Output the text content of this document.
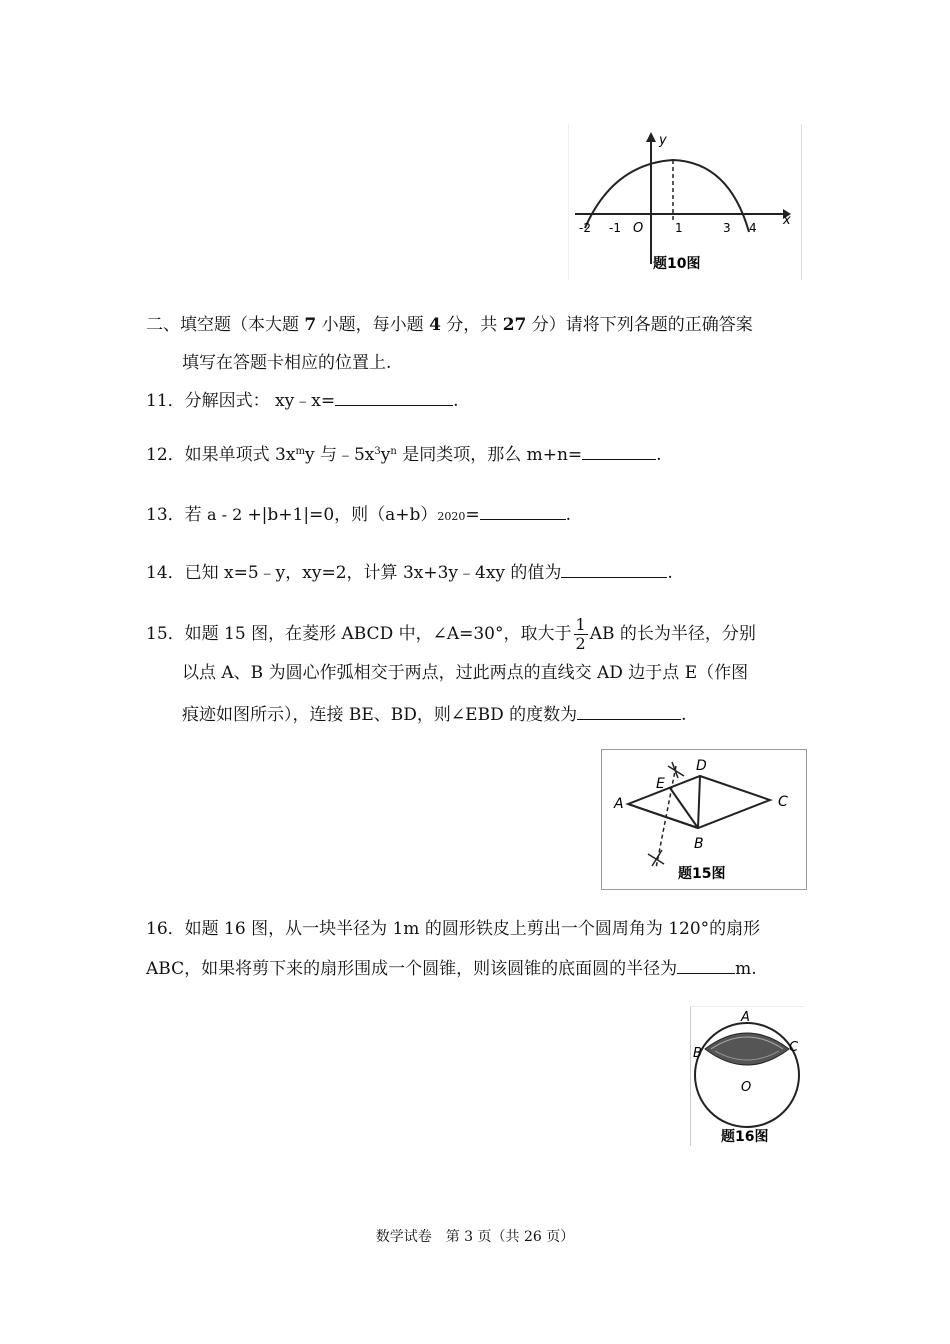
y
x
-2 -1 O	1	3 4
题10图
二、填空题（本大题 7 小题，每小题 4 分，共 27 分）请将下列各题的正确答案
填写在答题卡相应的位置上.
11．分解因式： xy﹣x=	.
12．如果单项式 $3x^my$ 与$﹣5x^3y^n$ 是同类项，那么 m+n=	.
13．若 a - 2 +|b+1|=0，则（a+b）2020=	.
14．已知 x=5﹣y，xy=2，计算 3x+3y﹣4xy 的值为	.
15．如题 15 图，在菱形 ABCD 中，∠A=30°，取大于 $\frac{1}{2}$ AB 的长为半径，分别
以点 A、B 为圆心作弧相交于两点，过此两点的直线交 AD 边于点 E（作图
痕迹如图所示），连接 BE、BD，则∠EBD 的度数为	.
A
D
E
C
B
题15图
16．如题 16 图，从一块半径为 1m 的圆形铁皮上剪出一个圆周角为 120°的扇形
ABC，如果将剪下来的扇形围成一个圆锥，则该圆锥的底面圆的半径为	m.
A
B	C
O
题16图
数学试卷　第 3 页（共 26 页）
